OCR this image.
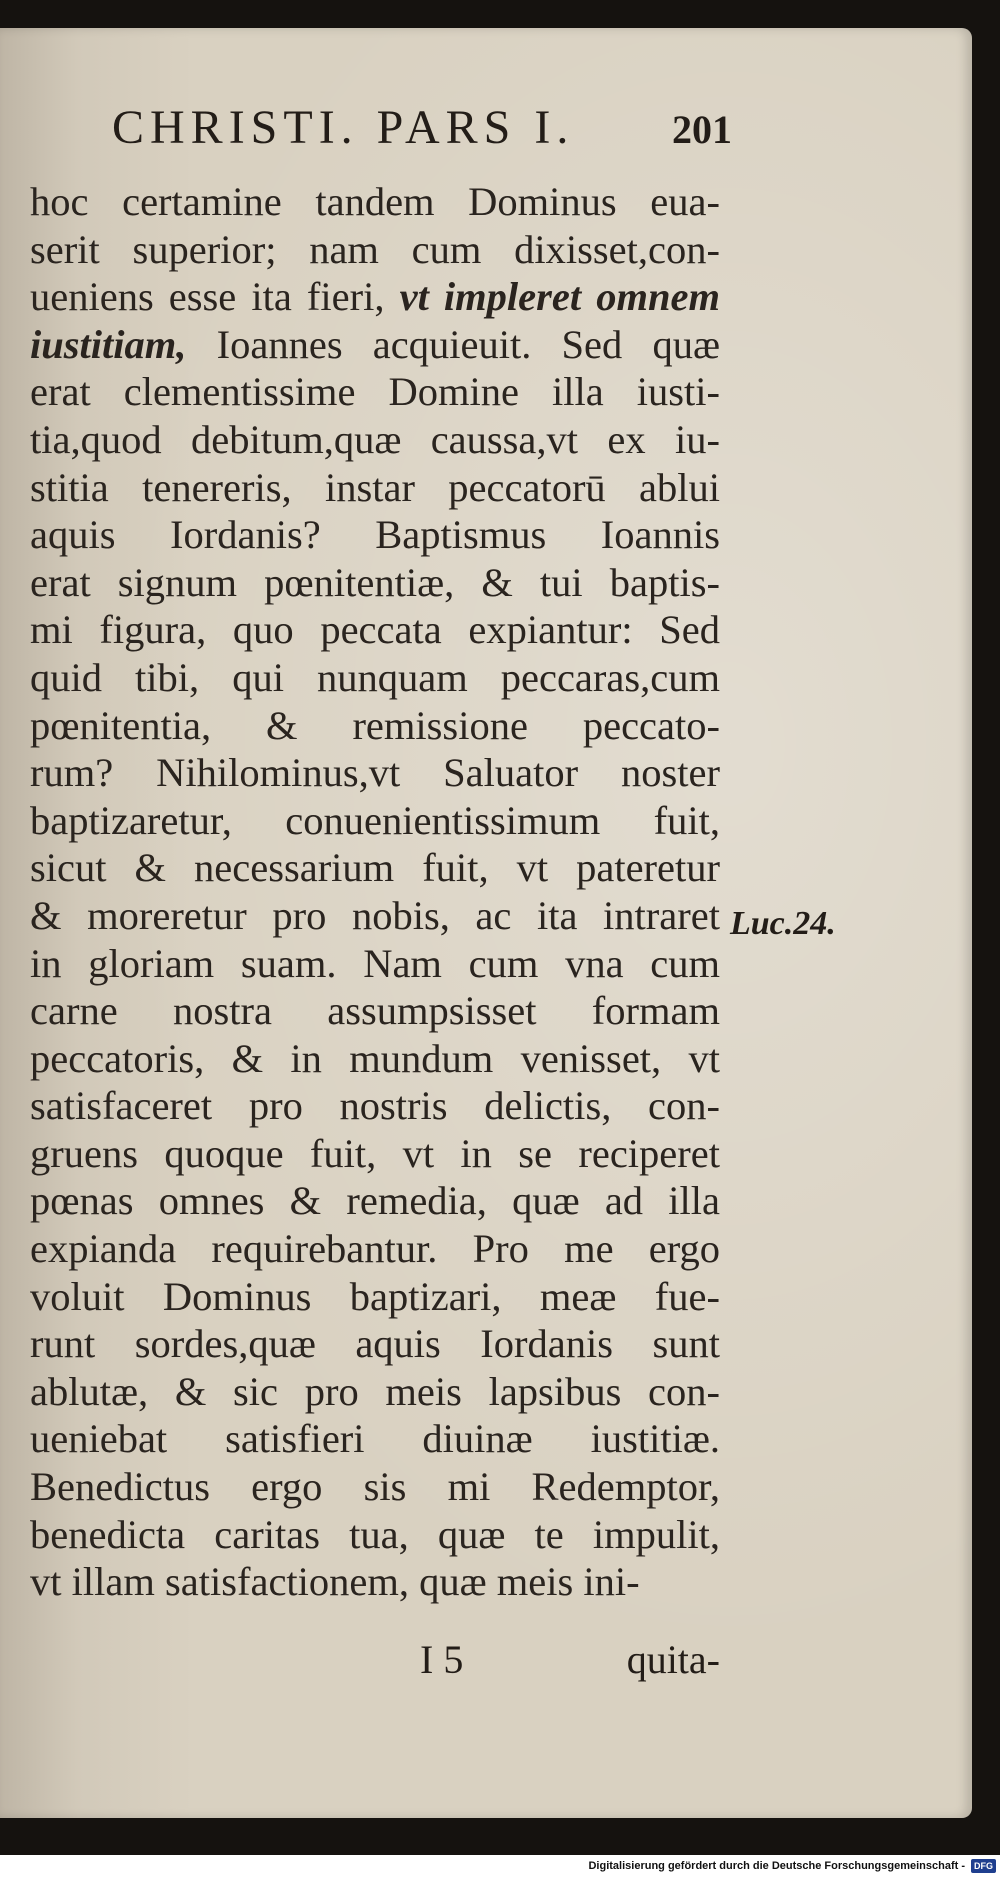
CHRISTI. PARS I. 201
hoc certamine tandem Dominus eua-
serit superior; nam cum dixisset,con-
ueniens esse ita fieri, vt impleret omnem
iustitiam, Ioannes acquieuit. Sed quæ
erat clementissime Domine illa iusti-
tia,quod debitum,quæ caussa,vt ex iu-
stitia tenereris, instar peccatorū ablui
aquis Iordanis? Baptismus Ioannis
erat signum pœnitentiæ, & tui baptis-
mi figura, quo peccata expiantur: Sed
quid tibi, qui nunquam peccaras,cum
pœnitentia, & remissione peccato-
rum? Nihilominus,vt Saluator noster
baptizaretur, conuenientissimum fuit,
sicut & necessarium fuit, vt pateretur
& moreretur pro nobis, ac ita intraret
in gloriam suam. Nam cum vna cum
carne nostra assumpsisset formam
peccatoris, & in mundum venisset, vt
satisfaceret pro nostris delictis, con-
gruens quoque fuit, vt in se reciperet
pœnas omnes & remedia, quæ ad illa
expianda requirebantur. Pro me ergo
voluit Dominus baptizari, meæ fue-
runt sordes,quæ aquis Iordanis sunt
ablutæ, & sic pro meis lapsibus con-
ueniebat satisfieri diuinæ iustitiæ.
Benedictus ergo sis mi Redemptor,
benedicta caritas tua, quæ te impulit,
vt illam satisfactionem, quæ meis ini-
Luc.24.
I 5	quita-
Digitalisierung gefördert durch die Deutsche Forschungsgemeinschaft -	DFG
